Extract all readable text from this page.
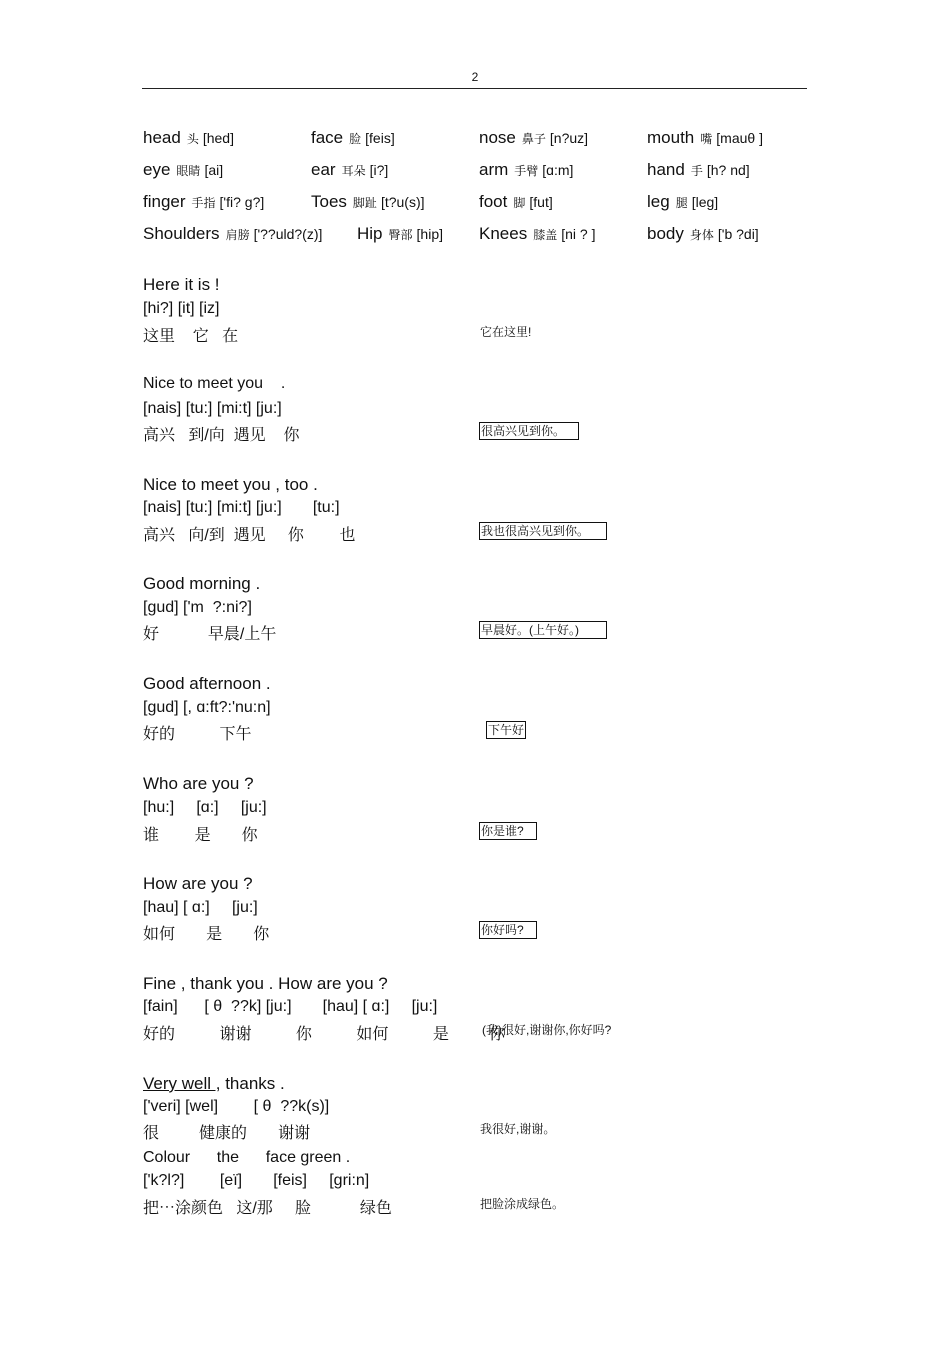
2
head 头 [hed]	face 脸 [feis]	nose 鼻子 [n?uz]	mouth 嘴 [mauθ ]
eye 眼睛 [ai]	ear 耳朵 [i?]	arm 手臂 [ɑ:m]	hand 手 [h? nd]
finger 手指 ['fi? ɡ?]	Toes 脚趾 [t?u(s)]	foot 脚 [fut]	leg 腿 [leɡ]
Shoulders 肩膀 ['??uld?(z)] Hip 臀部 [hip] Knees 膝盖 [ni ? ]	body 身体 ['b ?di]
Here it is !
[hi?] [it] [iz]
这里    它   在	它在这里!
Nice to meet you    .
[nais] [tu:] [mi:t] [ju:]
高兴   到/向  遇见    你	很高兴见到你。
Nice to meet you , too .
[nais] [tu:] [mi:t] [ju:]       [tu:]
高兴   向/到  遇见     你        也	我也很高兴见到你。
Good morning .
[ɡud] ['m  ?:ni?]
好           早晨/上午	早晨好。(上午好。)
Good afternoon .
[ɡud] [, ɑ:ft?:'nu:n]
好的          下午	下午好
Who are you ?
[hu:]     [ɑ:]     [ju:]
谁        是       你	你是谁?
How are you ?
[hau] [ ɑ:]     [ju:]
如何       是       你	你好吗?
Fine , thank you . How are you ?
[fain]      [ θ  ??k] [ju:]       [hau] [ ɑ:]     [ju:]
好的          谢谢          你          如何          是         你
(我)很好,谢谢你,你好吗?
Very well , thanks .
['veri] [wel]        [ θ  ??k(s)]
很         健康的       谢谢	我很好,谢谢。
Colour      the      face green .
['k?l?]        [eï]       [feis]     [ɡri:n]
把⋯涂颜色   这/那     脸           绿色	把脸涂成绿色。
